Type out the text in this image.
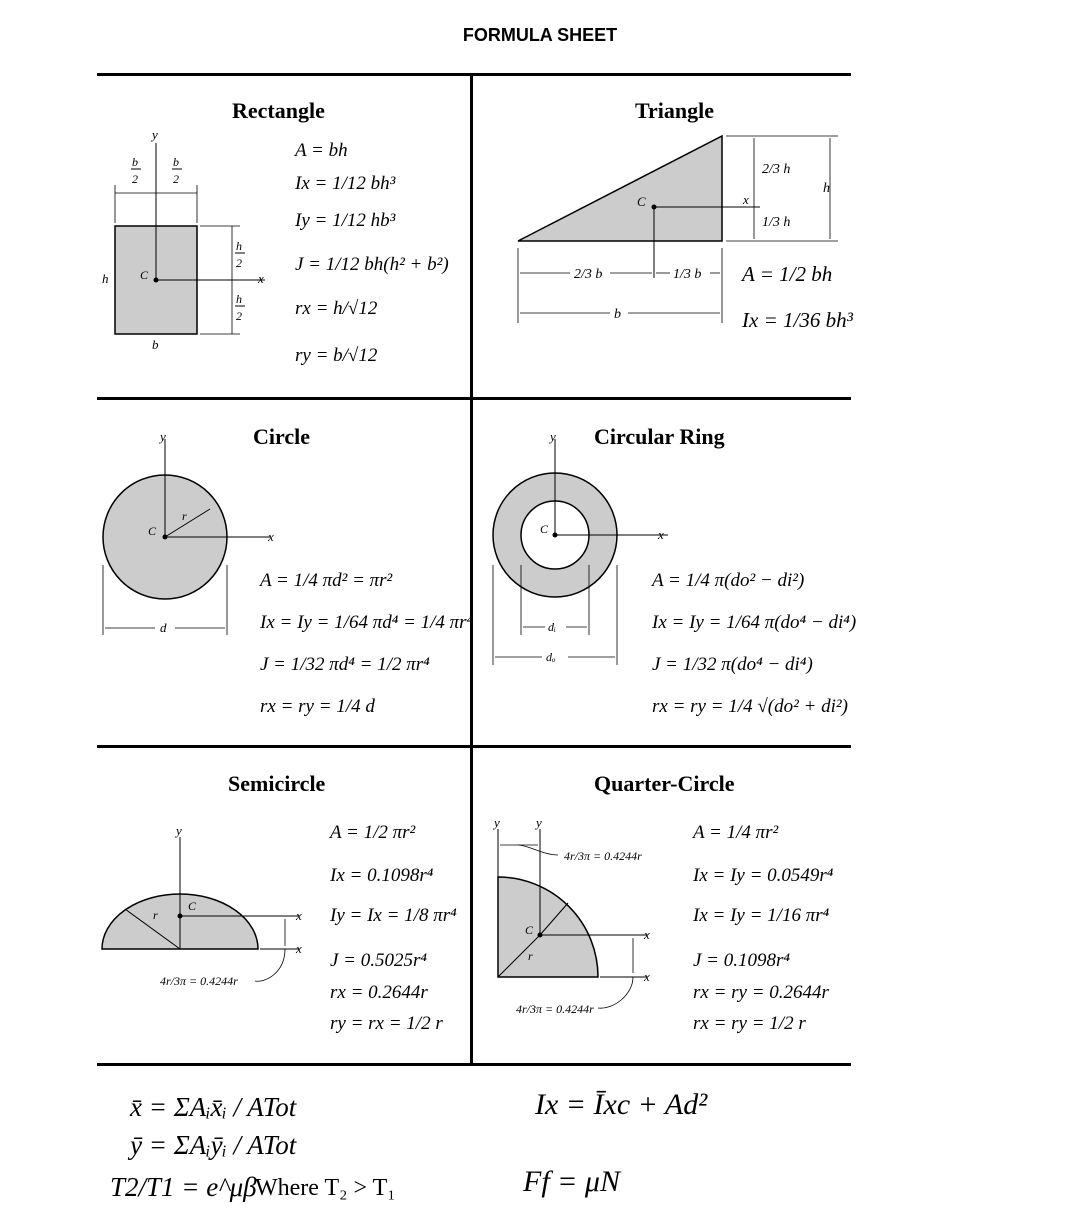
FORMULA SHEET
Rectangle
y
b
2
b
2
h
2
h
2
x
h	C
b
A = bh
Ix = 1/12 bh³
Iy = 1/12 hb³
J = 1/12 bh(h² + b²)
rx = h/√12
ry = b/√12
Triangle
C	x
2/3 b	1/3 b
b
2/3 h
1/3 h
h
A = 1/2 bh
Ix = 1/36 bh³
Circle
y
x
C
r
d
A = 1/4 πd² = πr²
Ix = Iy = 1/64 πd⁴ = 1/4 πr⁴
J = 1/32 πd⁴ = 1/2 πr⁴
rx = ry = 1/4 d
Circular Ring
y
x
C
dᵢ
dₒ
A = 1/4 π(do² − di²)
Ix = Iy = 1/64 π(do⁴ − di⁴)
J = 1/32 π(do⁴ − di⁴)
rx = ry = 1/4 √(do² + di²)
Semicircle
y
x
x
C
r
4r/3π = 0.4244r
A = 1/2 πr²
Ix = 0.1098r⁴
Iy = Ix = 1/8 πr⁴
J = 0.5025r⁴
rx = 0.2644r
ry = rx = 1/2 r
Quarter-Circle
y	y
x
x
C
r
4r/3π = 0.4244r
4r/3π = 0.4244r
A = 1/4 πr²
Ix = Iy = 0.0549r⁴
Ix = Iy = 1/16 πr⁴
J = 0.1098r⁴
rx = ry = 0.2644r
rx = ry = 1/2 r
x̄ = ΣAᵢx̄ᵢ / ATot
ȳ = ΣAᵢȳᵢ / ATot
Ix = Īxc + Ad²
T2/T1 = e^μβ
Where T₂ > T₁	Ff = μN
